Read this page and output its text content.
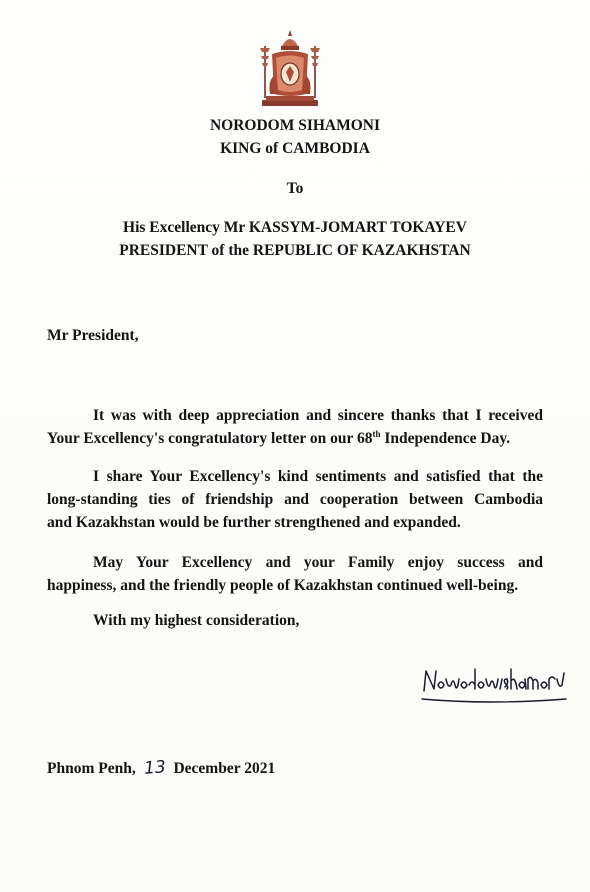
NORODOM SIHAMONI
KING of CAMBODIA
To
His Excellency Mr KASSYM-JOMART TOKAYEV
PRESIDENT of the REPUBLIC OF KAZAKHSTAN
Mr President,
It was with deep appreciation and sincere thanks that I received
Your Excellency's congratulatory letter on our 68th Independence Day.
I share Your Excellency's kind sentiments and satisfied that the
long-standing ties of friendship and cooperation between Cambodia
and Kazakhstan would be further strengthened and expanded.
May Your Excellency and your Family enjoy success and
happiness, and the friendly people of Kazakhstan continued well-being.
With my highest consideration,
Phnom Penh, 13 December 2021
